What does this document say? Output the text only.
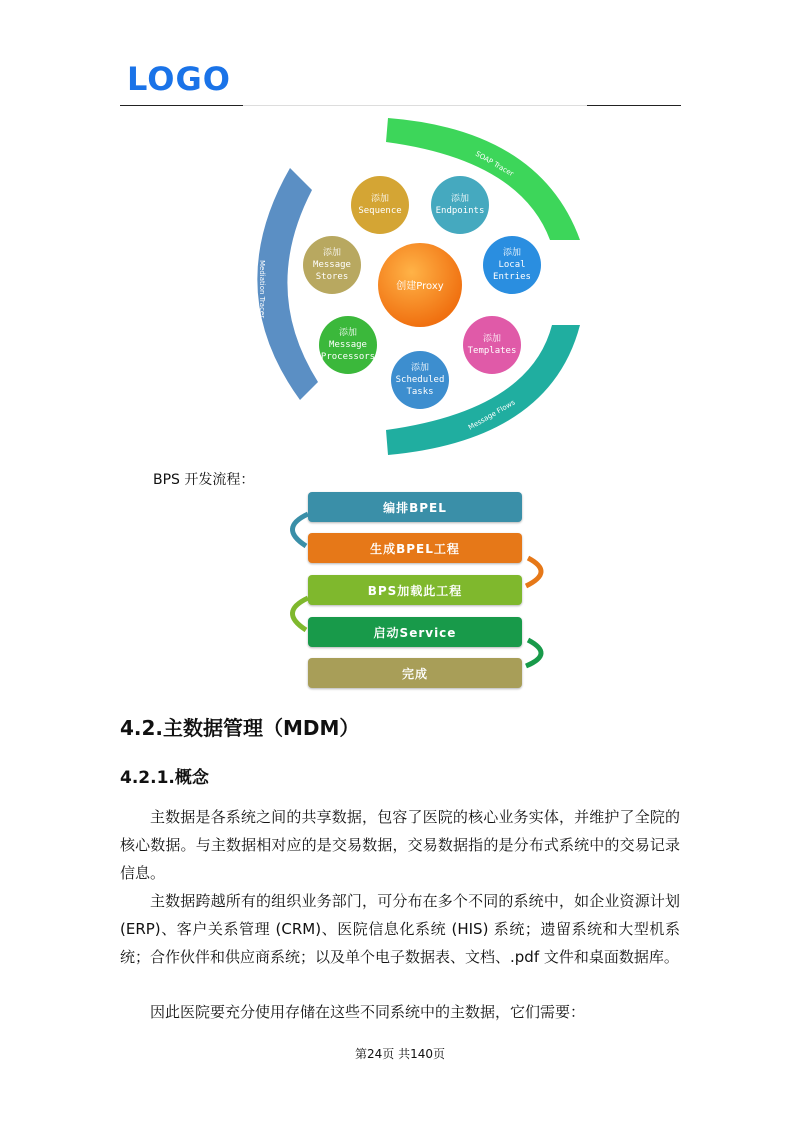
LOGO
SOAP Tracer
Mediation Tracer
Message Flows
创建Proxy
添加
Sequence
添加
Endpoints
添加
Local
Entries
添加
Templates
添加
Scheduled
Tasks
添加
Message
Processors
添加
Message
Stores
BPS 开发流程：
编排BPEL
生成BPEL工程
BPS加载此工程
启动Service
完成
4.2.主数据管理（MDM）
4.2.1.概念

主数据是各系统之间的共享数据，包容了医院的核心业务实体，并维护了全院的核心数据。与主数据相对应的是交易数据，交易数据指的是分布式系统中的交易记录信息。

主数据跨越所有的组织业务部门，可分布在多个不同的系统中，如企业资源计划 (ERP)、客户关系管理 (CRM)、医院信息化系统 (HIS) 系统；遗留系统和大型机系统；合作伙伴和供应商系统；以及单个电子数据表、文档、.pdf 文件和桌面数据库。

因此医院要充分使用存储在这些不同系统中的主数据，它们需要：

第24页 共140页
